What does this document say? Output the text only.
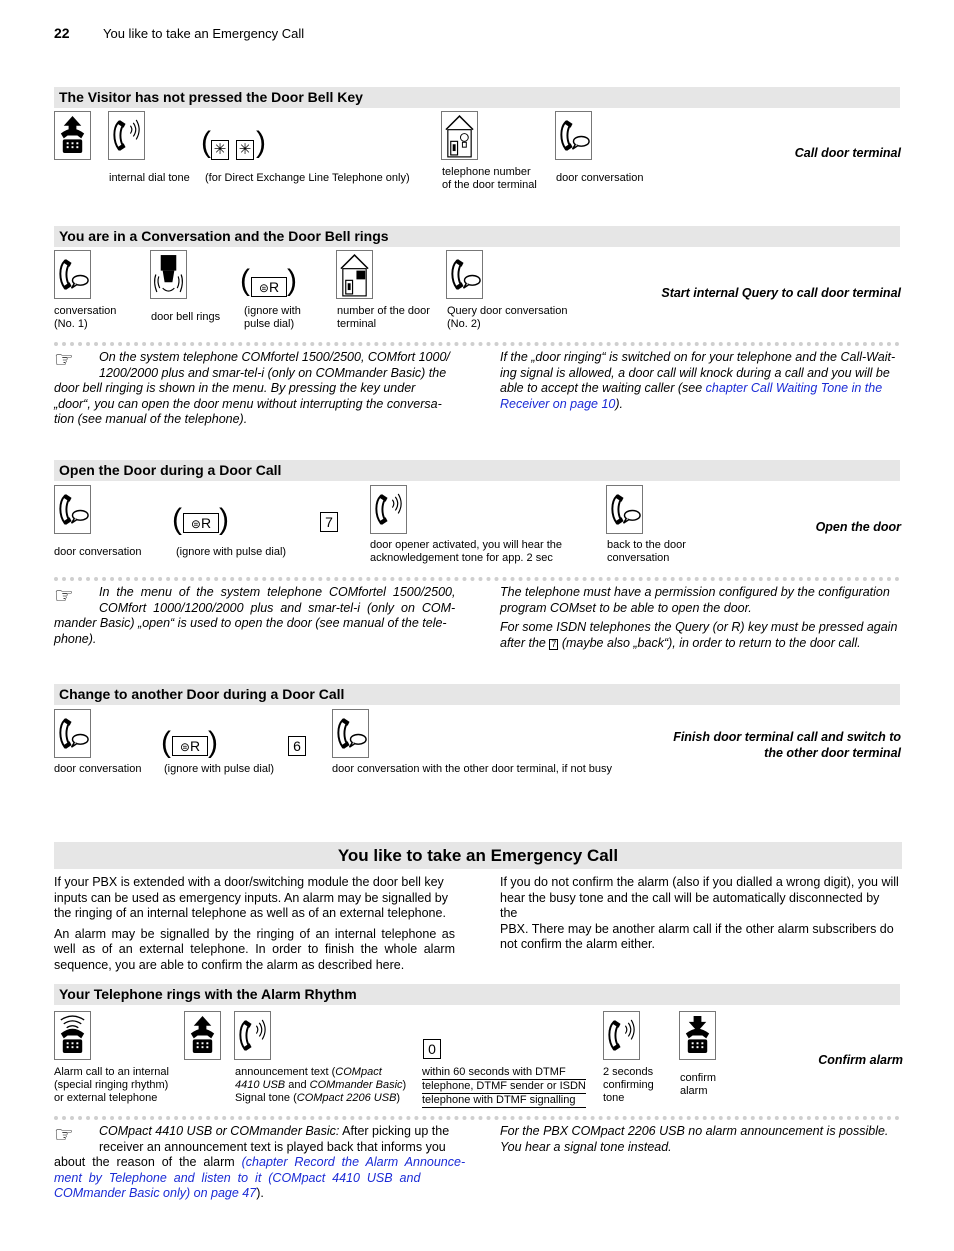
22	You like to take an Emergency Call
The Visitor has not pressed the Door Bell Key
internal dial tone
( ✳ ✳ )
(for Direct Exchange Line Telephone only)	telephone number
of the door terminal
door conversation
Call door terminal
You are in a Conversation and the Door Bell rings
conversation
(No. 1)
door bell rings
( ⊜R )
(ignore with
pulse dial)
number of the door
terminal
Query door conversation
(No. 2)
Start internal Query to call door terminal
☞	On the system telephone COMfortel 1500/2500, COMfort 1000/
1200/2000 plus and smar-tel-i (only on COMmander Basic) the
door bell ringing is shown in the menu. By pressing the key under
„door“, you can open the door menu without interrupting the conversa-
tion (see manual of the telephone).
If the „door ringing“ is switched on for your telephone and the Call-Wait-
ing signal is allowed, a door call will knock during a call and you will be
able to accept the waiting caller (see chapter Call Waiting Tone in the
Receiver on page 10).
Open the Door during a Door Call
door conversation
( ⊜R )
(ignore with pulse dial)
7
door opener activated, you will hear the
acknowledgement tone for app. 2 sec
back to the door
conversation
Open the door
☞	In  the  menu  of  the  system  telephone  COMfortel  1500/2500,
COMfort  1000/1200/2000  plus  and  smar-tel-i  (only  on  COM-
mander Basic) „open“ is used to open the door (see manual of the tele-
phone).
The telephone must have a permission configured by the configuration
program COMset to be able to open the door.
For some ISDN telephones the Query (or R) key must be pressed again
after the 7 (maybe also „back“), in order to return to the door call.
Change to another Door during a Door Call
door conversation
( ⊜R )
(ignore with pulse dial)
6
door conversation with the other door terminal, if not busy
Finish door terminal call and switch to
the other door terminal
You like to take an Emergency Call
If your PBX is extended with a door/switching module the door bell key
inputs can be used as emergency inputs. An alarm may be signalled by
the ringing of an internal telephone as well as of an external telephone.
An alarm may be signalled by the ringing of an internal telephone as
well as of an external telephone. In order to finish the whole alarm
sequence, you are able to confirm the alarm as described here.
If you do not confirm the alarm (also if you dialled a wrong digit), you will
hear the busy tone and the call will be automatically disconnected by the
PBX. There may be another alarm call if the other alarm subscribers do
not confirm the alarm either.
Your Telephone rings with the Alarm Rhythm
Alarm call to an internal
(special ringing rhythm)
or external telephone
announcement text (COMpact
4410 USB and COMmander Basic)
Signal tone (COMpact 2206 USB)
0
within 60 seconds with DTMF
telephone, DTMF sender or ISDN
telephone with DTMF signalling
2 seconds
confirming
tone
confirm
alarm
Confirm alarm
☞	COMpact 4410 USB or COMmander Basic: After picking up the
receiver an announcement text is played back that informs you
about  the  reason  of  the  alarm  (chapter  Record  the  Alarm  Announce-
ment  by  Telephone  and  listen  to  it  (COMpact  4410  USB  and
COMmander Basic only) on page 47).
For the PBX COMpact 2206 USB no alarm announcement is possible.
You hear a signal tone instead.
